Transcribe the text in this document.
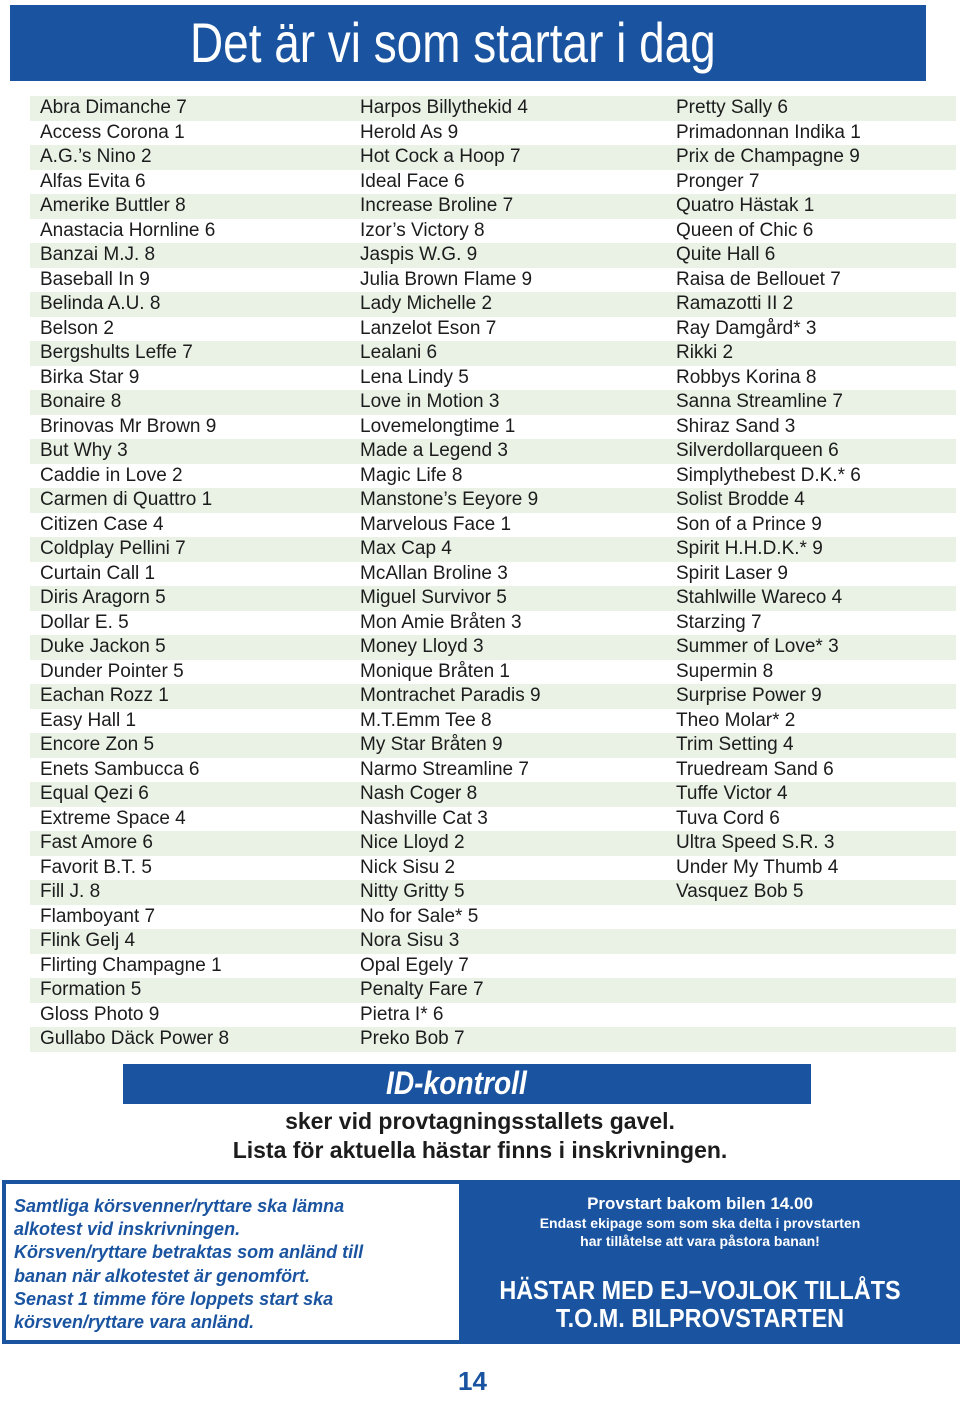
Det är vi som startar i dag
Abra Dimanche 7
Access Corona 1
A.G.’s Nino 2
Alfas Evita 6
Amerike Buttler 8
Anastacia Hornline 6
Banzai M.J. 8
Baseball In 9
Belinda A.U. 8
Belson 2
Bergshults Leffe 7
Birka Star 9
Bonaire 8
Brinovas Mr Brown 9
But Why 3
Caddie in Love 2
Carmen di Quattro 1
Citizen Case 4
Coldplay Pellini 7
Curtain Call 1
Diris Aragorn 5
Dollar E. 5
Duke Jackon 5
Dunder Pointer 5
Eachan Rozz 1
Easy Hall 1
Encore Zon 5
Enets Sambucca 6
Equal Qezi 6
Extreme Space 4
Fast Amore 6
Favorit B.T. 5
Fill J. 8
Flamboyant 7
Flink Gelj 4
Flirting Champagne 1
Formation 5
Gloss Photo 9
Gullabo Däck Power 8
Harpos Billythekid 4
Herold As 9
Hot Cock a Hoop 7
Ideal Face 6
Increase Broline 7
Izor’s Victory 8
Jaspis W.G. 9
Julia Brown Flame 9
Lady Michelle 2
Lanzelot Eson 7
Lealani 6
Lena Lindy 5
Love in Motion 3
Lovemelongtime 1
Made a Legend 3
Magic Life 8
Manstone’s Eeyore 9
Marvelous Face 1
Max Cap 4
McAllan Broline 3
Miguel Survivor 5
Mon Amie Bråten 3
Money Lloyd 3
Monique Bråten 1
Montrachet Paradis 9
M.T.Emm Tee 8
My Star Bråten 9
Narmo Streamline 7
Nash Coger 8
Nashville Cat 3
Nice Lloyd 2
Nick Sisu 2
Nitty Gritty 5
No for Sale* 5
Nora Sisu 3
Opal Egely 7
Penalty Fare 7
Pietra I* 6
Preko Bob 7
Pretty Sally 6
Primadonnan Indika 1
Prix de Champagne 9
Pronger 7
Quatro Hästak 1
Queen of Chic 6
Quite Hall 6
Raisa de Bellouet 7
Ramazotti II 2
Ray Damgård* 3
Rikki 2
Robbys Korina 8
Sanna Streamline 7
Shiraz Sand 3
Silverdollarqueen 6
Simplythebest D.K.* 6
Solist Brodde 4
Son of a Prince 9
Spirit H.H.D.K.* 9
Spirit Laser 9
Stahlwille Wareco 4
Starzing 7
Summer of Love* 3
Supermin 8
Surprise Power 9
Theo Molar* 2
Trim Setting 4
Truedream Sand 6
Tuffe Victor 4
Tuva Cord 6
Ultra Speed S.R. 3
Under My Thumb 4
Vasquez Bob 5
ID-kontroll
sker vid provtagningsstallets gavel.
Lista för aktuella hästar finns i inskrivningen.
Samtliga körsvenner/ryttare ska lämna
alkotest vid inskrivningen.
Körsven/ryttare betraktas som anländ till
banan när alkotestet är genomfört.
Senast 1 timme före loppets start ska
körsven/ryttare vara anländ.
Provstart bakom bilen 14.00
Endast ekipage som som ska delta i provstarten
har tillåtelse att vara påstora banan!
HÄSTAR MED EJ–VOJLOK TILLÅTS
T.O.M. BILPROVSTARTEN
14
